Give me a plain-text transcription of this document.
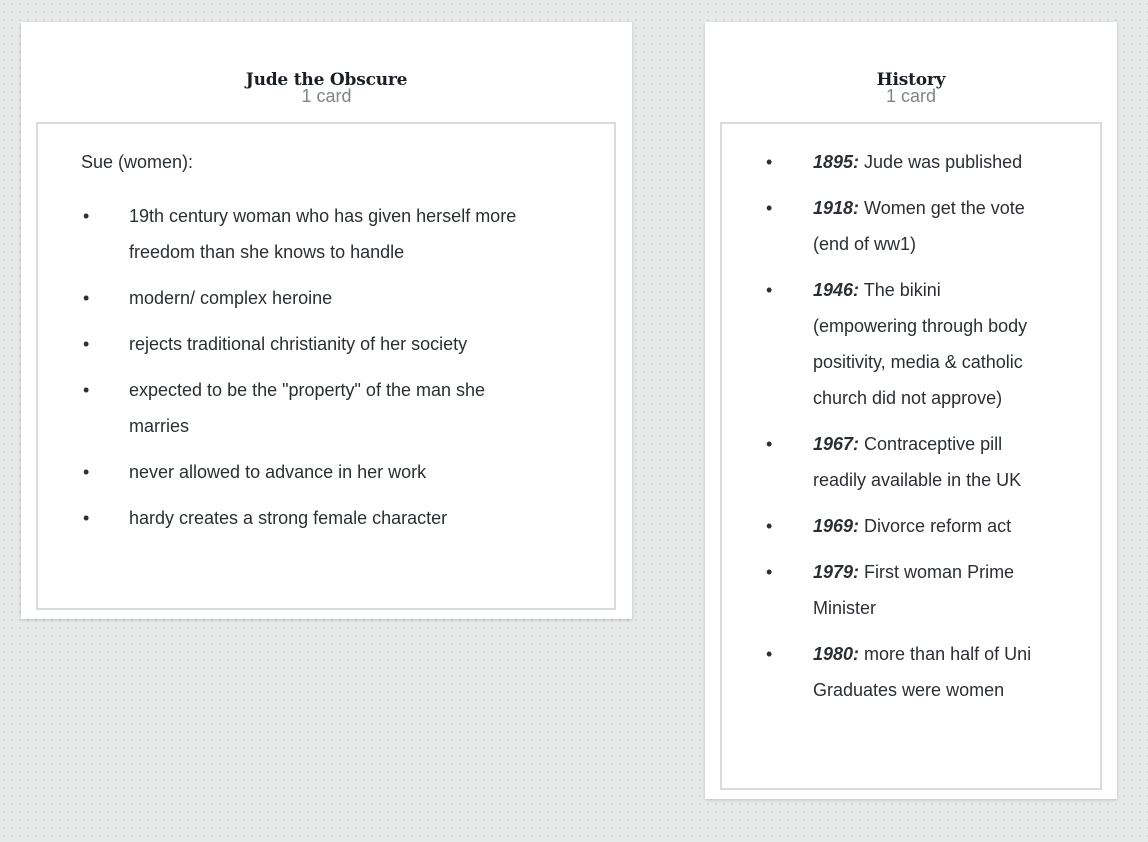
Jude the Obscure
1 card
Sue (women):
• 19th century woman who has given herself more
freedom than she knows to handle
• modern/ complex heroine
• rejects traditional christianity of her society
• expected to be the "property" of the man she
marries
• never allowed to advance in her work
• hardy creates a strong female character
History
1 card
• 1895: Jude was published
• 1918: Women get the vote
(end of ww1)
• 1946: The bikini
(empowering through body
positivity, media & catholic
church did not approve)
• 1967: Contraceptive pill
readily available in the UK
• 1969: Divorce reform act
• 1979: First woman Prime
Minister
• 1980: more than half of Uni
Graduates were women
